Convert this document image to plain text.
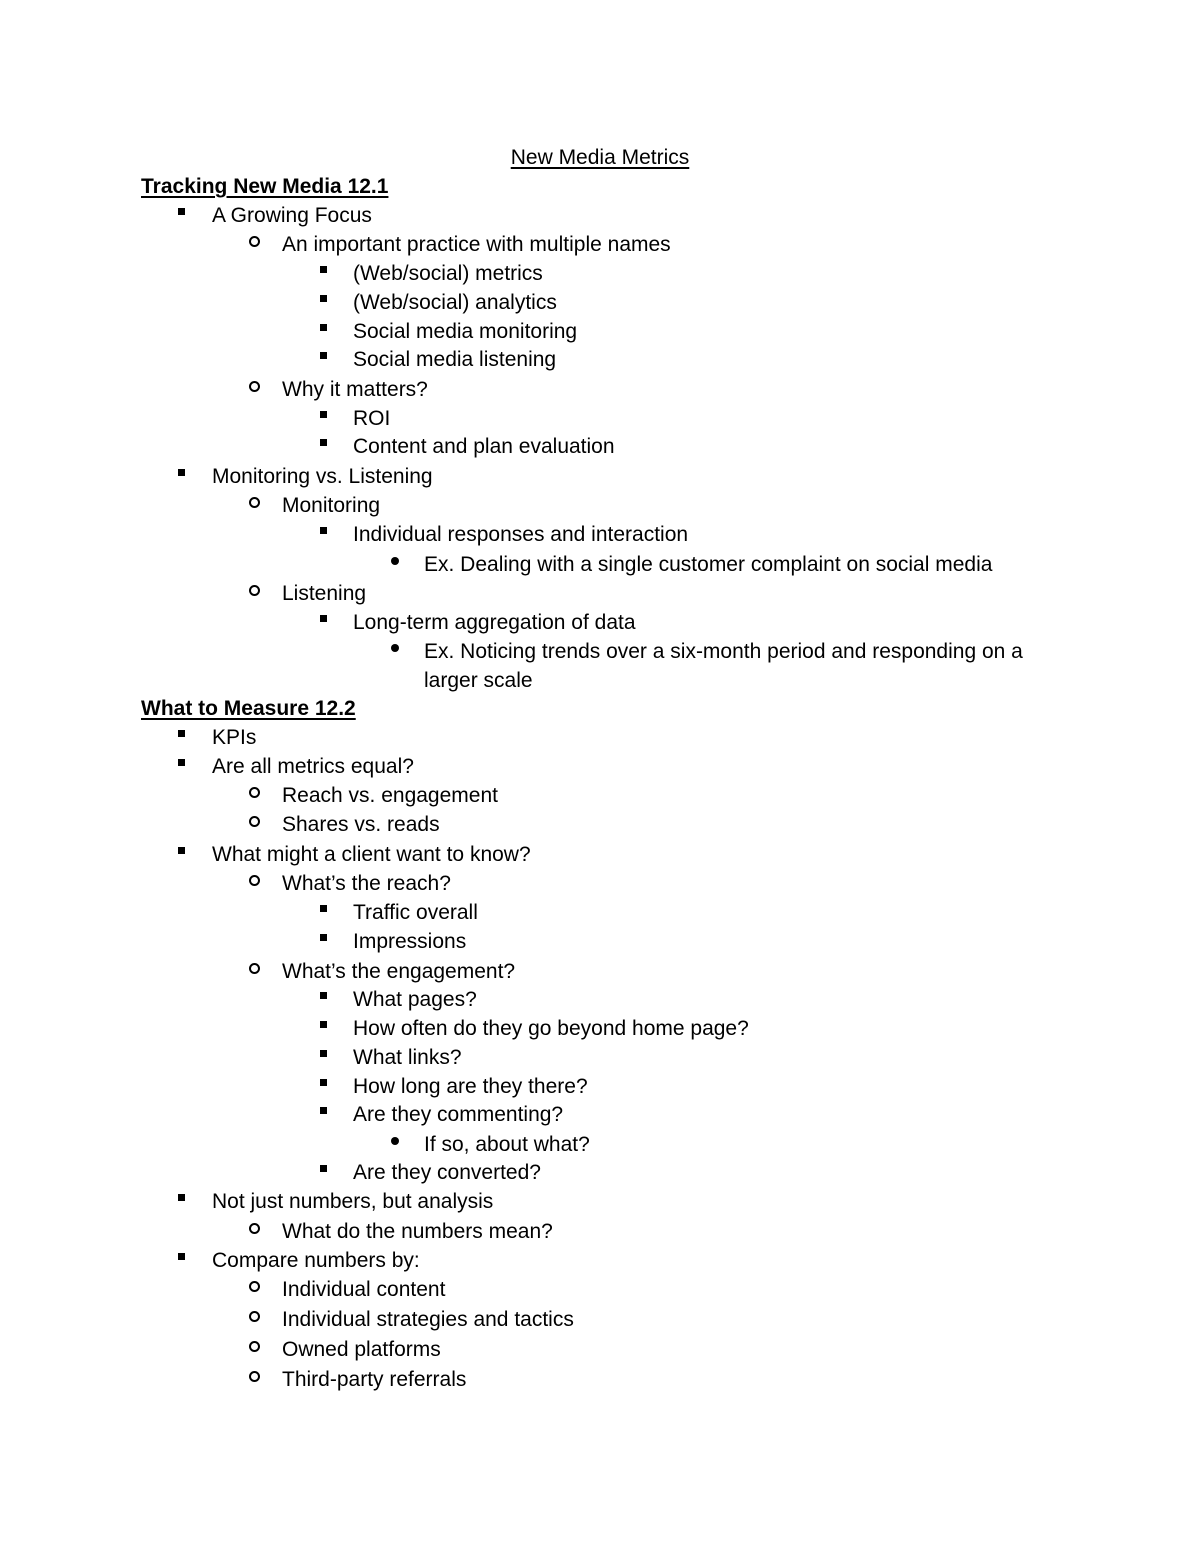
New Media Metrics
Tracking New Media 12.1
A Growing Focus
An important practice with multiple names
(Web/social) metrics
(Web/social) analytics
Social media monitoring
Social media listening
Why it matters?
ROI
Content and plan evaluation
Monitoring vs. Listening
Monitoring
Individual responses and interaction
Ex. Dealing with a single customer complaint on social media
Listening
Long-term aggregation of data
Ex. Noticing trends over a six-month period and responding on a larger scale
What to Measure 12.2
KPIs
Are all metrics equal?
Reach vs. engagement
Shares vs. reads
What might a client want to know?
What’s the reach?
Traffic overall
Impressions
What’s the engagement?
What pages?
How often do they go beyond home page?
What links?
How long are they there?
Are they commenting?
If so, about what?
Are they converted?
Not just numbers, but analysis
What do the numbers mean?
Compare numbers by:
Individual content
Individual strategies and tactics
Owned platforms
Third-party referrals
